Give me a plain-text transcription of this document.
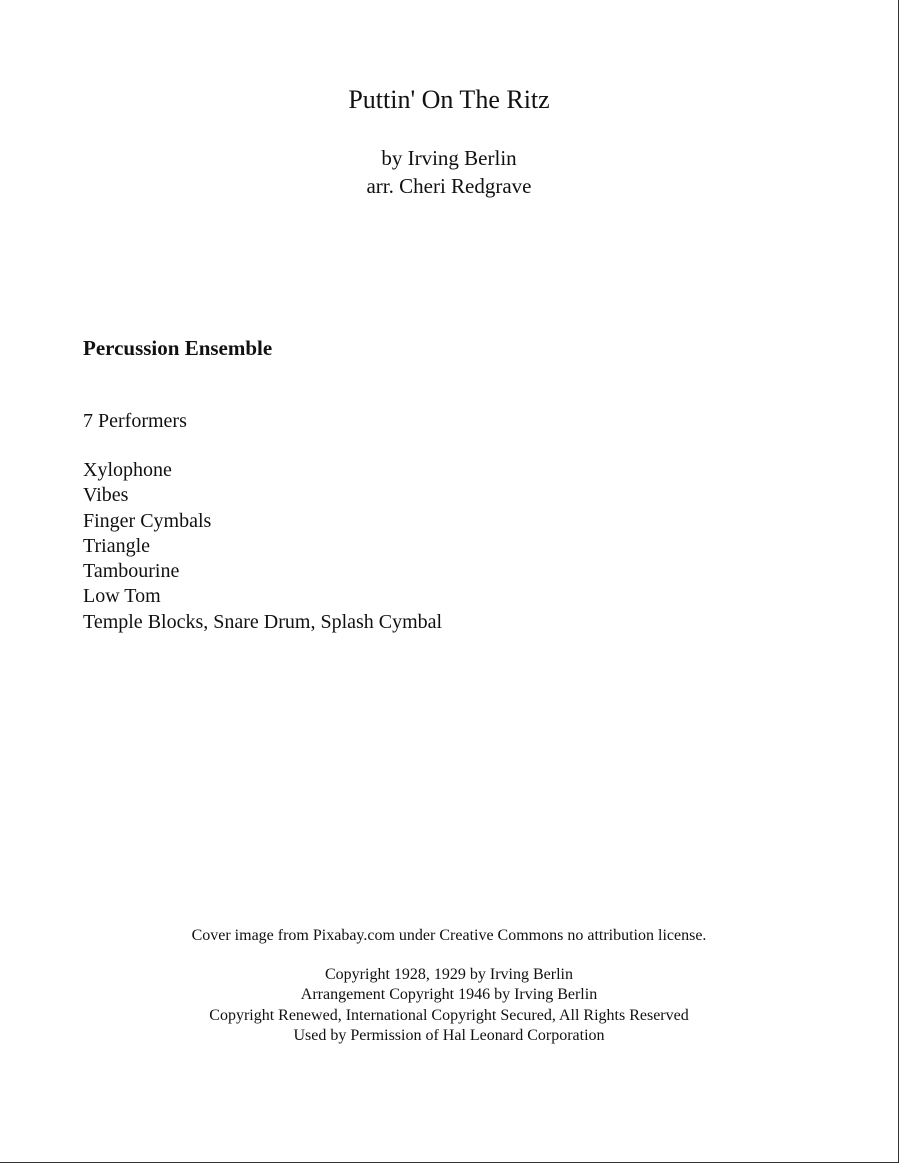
Puttin' On The Ritz
by Irving Berlin
arr. Cheri Redgrave
Percussion Ensemble
7 Performers
Xylophone
Vibes
Finger Cymbals
Triangle
Tambourine
Low Tom
Temple Blocks, Snare Drum, Splash Cymbal
Cover image from Pixabay.com under Creative Commons no attribution license.
Copyright 1928, 1929 by Irving Berlin
Arrangement Copyright 1946 by Irving Berlin
Copyright Renewed, International Copyright Secured, All Rights Reserved
Used by Permission of Hal Leonard Corporation
